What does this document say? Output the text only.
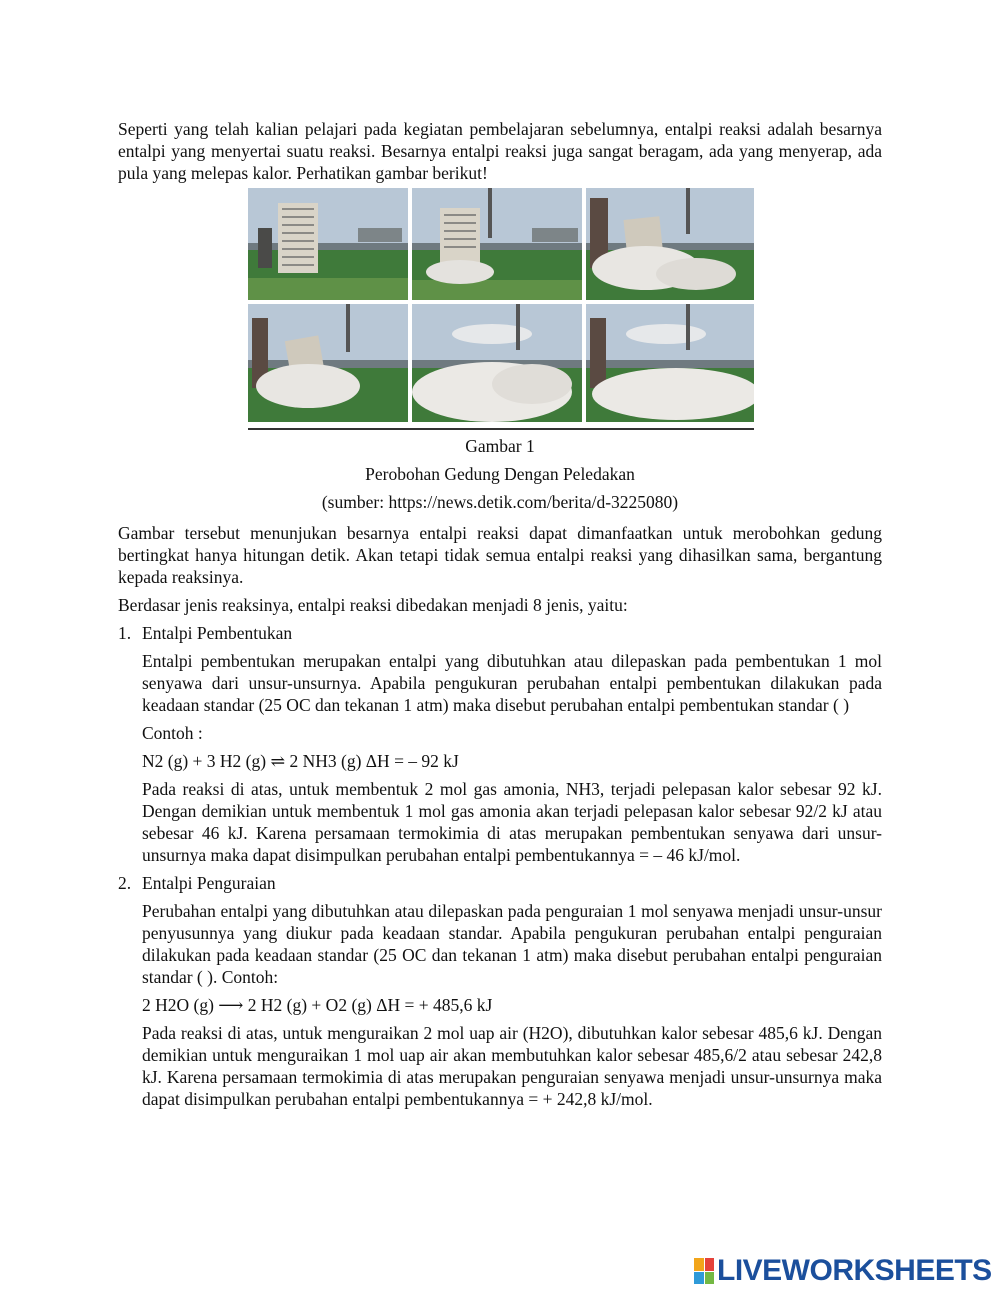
Seperti yang telah kalian pelajari pada kegiatan pembelajaran sebelumnya, entalpi reaksi adalah besarnya entalpi yang menyertai suatu reaksi. Besarnya entalpi reaksi juga sangat beragam, ada yang menyerap, ada pula yang melepas kalor. Perhatikan gambar berikut!

Gambar 1
Perobohan Gedung Dengan Peledakan
(sumber: https://news.detik.com/berita/d-3225080)

Gambar tersebut menunjukan besarnya entalpi reaksi dapat dimanfaatkan untuk merobohkan gedung bertingkat hanya hitungan detik. Akan tetapi tidak semua entalpi reaksi yang dihasilkan sama, bergantung kepada reaksinya.

Berdasar jenis reaksinya, entalpi reaksi dibedakan menjadi 8 jenis, yaitu:

1. Entalpi Pembentukan

Entalpi pembentukan merupakan entalpi yang dibutuhkan atau dilepaskan pada pembentukan 1 mol senyawa dari unsur-unsurnya. Apabila pengukuran perubahan entalpi pembentukan dilakukan pada keadaan standar (25 OC dan tekanan 1 atm) maka disebut perubahan entalpi pembentukan standar ( )

Contoh :

N2 (g) + 3 H2 (g) ⇌ 2 NH3 (g) ΔH = – 92 kJ

Pada reaksi di atas, untuk membentuk 2 mol gas amonia, NH3, terjadi pelepasan kalor sebesar 92 kJ. Dengan demikian untuk membentuk 1 mol gas amonia akan terjadi pelepasan kalor sebesar 92/2 kJ atau sebesar 46 kJ. Karena persamaan termokimia di atas merupakan pembentukan senyawa dari unsur-unsurnya maka dapat disimpulkan perubahan entalpi pembentukannya = – 46 kJ/mol.

2. Entalpi Penguraian

Perubahan entalpi yang dibutuhkan atau dilepaskan pada penguraian 1 mol senyawa menjadi unsur-unsur penyusunnya yang diukur pada keadaan standar. Apabila pengukuran perubahan entalpi penguraian dilakukan pada keadaan standar (25 OC dan tekanan 1 atm) maka disebut perubahan entalpi penguraian standar ( ). Contoh:

2 H2O (g) ⟶ 2 H2 (g) + O2 (g) ΔH = + 485,6 kJ

Pada reaksi di atas, untuk menguraikan 2 mol uap air (H2O), dibutuhkan kalor sebesar 485,6 kJ. Dengan demikian untuk menguraikan 1 mol uap air akan membutuhkan kalor sebesar 485,6/2 atau sebesar 242,8 kJ. Karena persamaan termokimia di atas merupakan penguraian senyawa menjadi unsur-unsurnya maka dapat disimpulkan perubahan entalpi pembentukannya = + 242,8 kJ/mol.

LIVEWORKSHEETS
